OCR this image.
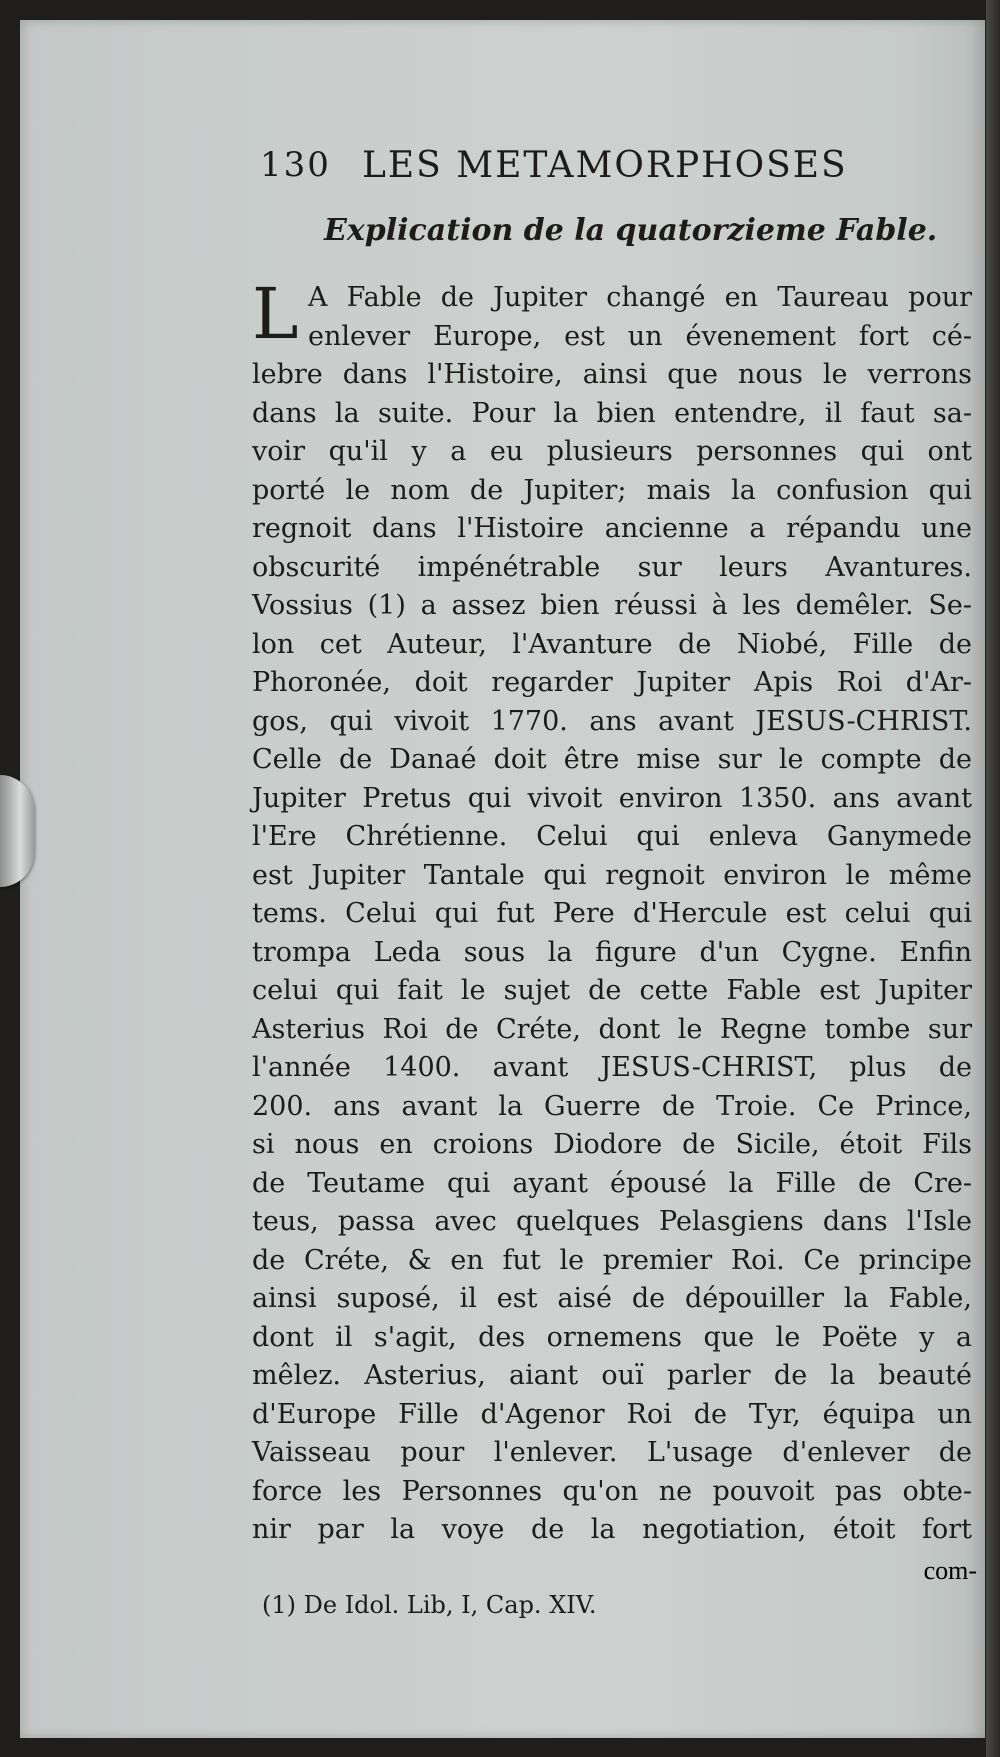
130 LES METAMORPHOSES
Explication de la quatorzieme Fable.
L A Fable de Jupiter changé en Taureau pour
enlever Europe, est un évenement fort cé-
lebre dans l'Histoire, ainsi que nous le verrons
dans la suite. Pour la bien entendre, il faut sa-
voir qu'il y a eu plusieurs personnes qui ont
porté le nom de Jupiter; mais la confusion qui
regnoit dans l'Histoire ancienne a répandu une
obscurité impénétrable sur leurs Avantures.
Vossius (1) a assez bien réussi à les demêler. Se-
lon cet Auteur, l'Avanture de Niobé, Fille de
Phoronée, doit regarder Jupiter Apis Roi d'Ar-
gos, qui vivoit 1770. ans avant JESUS-CHRIST.
Celle de Danaé doit être mise sur le compte de
Jupiter Pretus qui vivoit environ 1350. ans avant
l'Ere Chrétienne. Celui qui enleva Ganymede
est Jupiter Tantale qui regnoit environ le même
tems. Celui qui fut Pere d'Hercule est celui qui
trompa Leda sous la figure d'un Cygne. Enfin
celui qui fait le sujet de cette Fable est Jupiter
Asterius Roi de Créte, dont le Regne tombe sur
l'année 1400. avant JESUS-CHRIST, plus de
200. ans avant la Guerre de Troie. Ce Prince,
si nous en croions Diodore de Sicile, étoit Fils
de Teutame qui ayant épousé la Fille de Cre-
teus, passa avec quelques Pelasgiens dans l'Isle
de Créte, & en fut le premier Roi. Ce principe
ainsi suposé, il est aisé de dépouiller la Fable,
dont il s'agit, des ornemens que le Poëte y a
mêlez. Asterius, aiant ouï parler de la beauté
d'Europe Fille d'Agenor Roi de Tyr, équipa un
Vaisseau pour l'enlever. L'usage d'enlever de
force les Personnes qu'on ne pouvoit pas obte-
nir par la voye de la negotiation, étoit fort
(1) De Idol. Lib, I, Cap. XIV.
com-
